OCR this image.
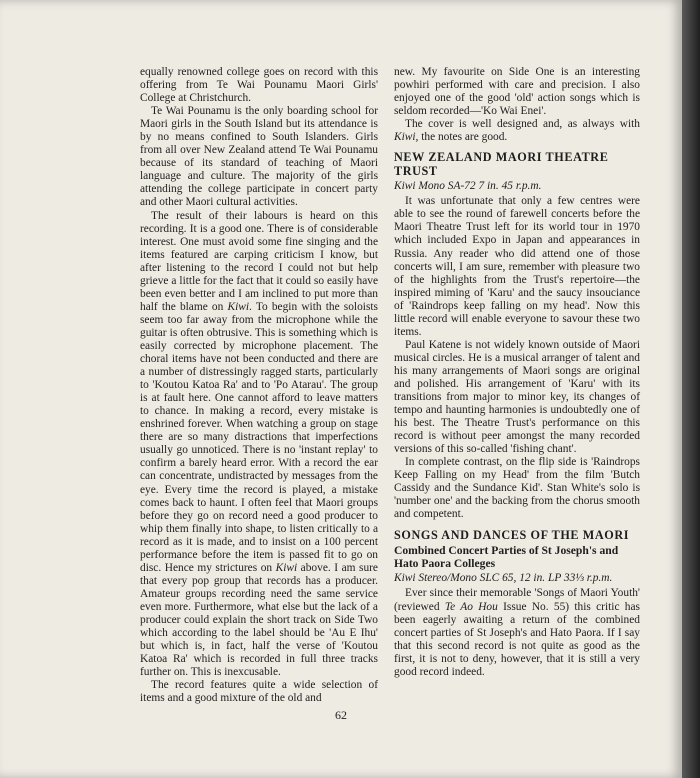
equally renowned college goes on record with this offering from Te Wai Pounamu Maori Girls' College at Christchurch.

Te Wai Pounamu is the only boarding school for Maori girls in the South Island but its attendance is by no means confined to South Islanders. Girls from all over New Zealand attend Te Wai Pounamu because of its standard of teaching of Maori language and culture. The majority of the girls attending the college participate in concert party and other Maori cultural activities.

The result of their labours is heard on this recording. It is a good one. There is of considerable interest. One must avoid some fine singing and the items featured are carping criticism I know, but after listening to the record I could not but help grieve a little for the fact that it could so easily have been even better and I am inclined to put more than half the blame on Kiwi. To begin with the soloists seem too far away from the microphone while the guitar is often obtrusive. This is something which is easily corrected by microphone placement. The choral items have not been conducted and there are a number of distressingly ragged starts, particularly to 'Koutou Katoa Ra' and to 'Po Atarau'. The group is at fault here. One cannot afford to leave matters to chance. In making a record, every mistake is enshrined forever. When watching a group on stage there are so many distractions that imperfections usually go unnoticed. There is no 'instant replay' to confirm a barely heard error. With a record the ear can concentrate, undistracted by messages from the eye. Every time the record is played, a mistake comes back to haunt. I often feel that Maori groups before they go on record need a good producer to whip them finally into shape, to listen critically to a record as it is made, and to insist on a 100 percent performance before the item is passed fit to go on disc. Hence my strictures on Kiwi above. I am sure that every pop group that records has a producer. Amateur groups recording need the same service even more. Furthermore, what else but the lack of a producer could explain the short track on Side Two which according to the label should be 'Au E Ihu' but which is, in fact, half the verse of 'Koutou Katoa Ra' which is recorded in full three tracks further on. This is inexcusable.

The record features quite a wide selection of items and a good mixture of the old and

new. My favourite on Side One is an interesting powhiri performed with care and precision. I also enjoyed one of the good 'old' action songs which is seldom recorded—'Ko Wai Enei'.

The cover is well designed and, as always with Kiwi, the notes are good.

NEW ZEALAND MAORI THEATRE TRUST
Kiwi Mono SA-72 7 in. 45 r.p.m.

It was unfortunate that only a few centres were able to see the round of farewell concerts before the Maori Theatre Trust left for its world tour in 1970 which included Expo in Japan and appearances in Russia. Any reader who did attend one of those concerts will, I am sure, remember with pleasure two of the highlights from the Trust's repertoire—the inspired miming of 'Karu' and the saucy insouciance of 'Raindrops keep falling on my head'. Now this little record will enable everyone to savour these two items.

Paul Katene is not widely known outside of Maori musical circles. He is a musical arranger of talent and his many arrangements of Maori songs are original and polished. His arrangement of 'Karu' with its transitions from major to minor key, its changes of tempo and haunting harmonies is undoubtedly one of his best. The Theatre Trust's performance on this record is without peer amongst the many recorded versions of this so-called 'fishing chant'.

In complete contrast, on the flip side is 'Raindrops Keep Falling on my Head' from the film 'Butch Cassidy and the Sundance Kid'. Stan White's solo is 'number one' and the backing from the chorus smooth and competent.

SONGS AND DANCES OF THE MAORI
Combined Concert Parties of St Joseph's and Hato Paora Colleges
Kiwi Stereo/Mono SLC 65, 12 in. LP 33⅓ r.p.m.

Ever since their memorable 'Songs of Maori Youth' (reviewed Te Ao Hou Issue No. 55) this critic has been eagerly awaiting a return of the combined concert parties of St Joseph's and Hato Paora. If I say that this second record is not quite as good as the first, it is not to deny, however, that it is still a very good record indeed.

62
